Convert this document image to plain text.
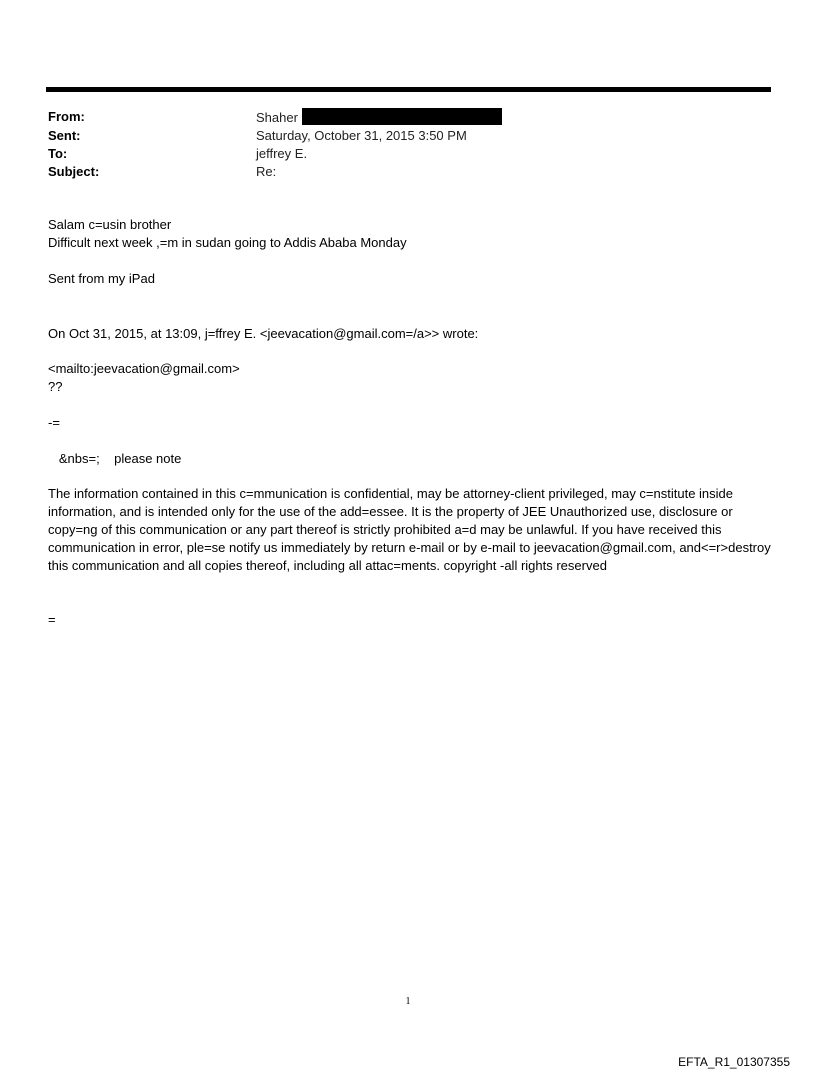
From:	Shaher
Sent:	Saturday, October 31, 2015 3:50 PM
To:	jeffrey E.
Subject:	Re:
Salam c=usin brother
Difficult next week ,=m in sudan going to Addis Ababa Monday
Sent from my iPad
On Oct 31, 2015, at 13:09, j=ffrey E. <jeevacation@gmail.com=/a>> wrote:
<mailto:jeevacation@gmail.com>
??
-=
&nbs=;    please note
The information contained in this c=mmunication is confidential, may be attorney-client privileged, may c=nstitute inside information, and is intended only for the use of the add=essee. It is the property of JEE Unauthorized use, disclosure or copy=ng of this communication or any part thereof is strictly prohibited a=d may be unlawful. If you have received this communication in error, ple=se notify us immediately by return e-mail or by e-mail to jeevacation@gmail.com, and<=r>destroy this communication and all copies thereof, including all attac=ments. copyright -all rights reserved
=
1
EFTA_R1_01307355
